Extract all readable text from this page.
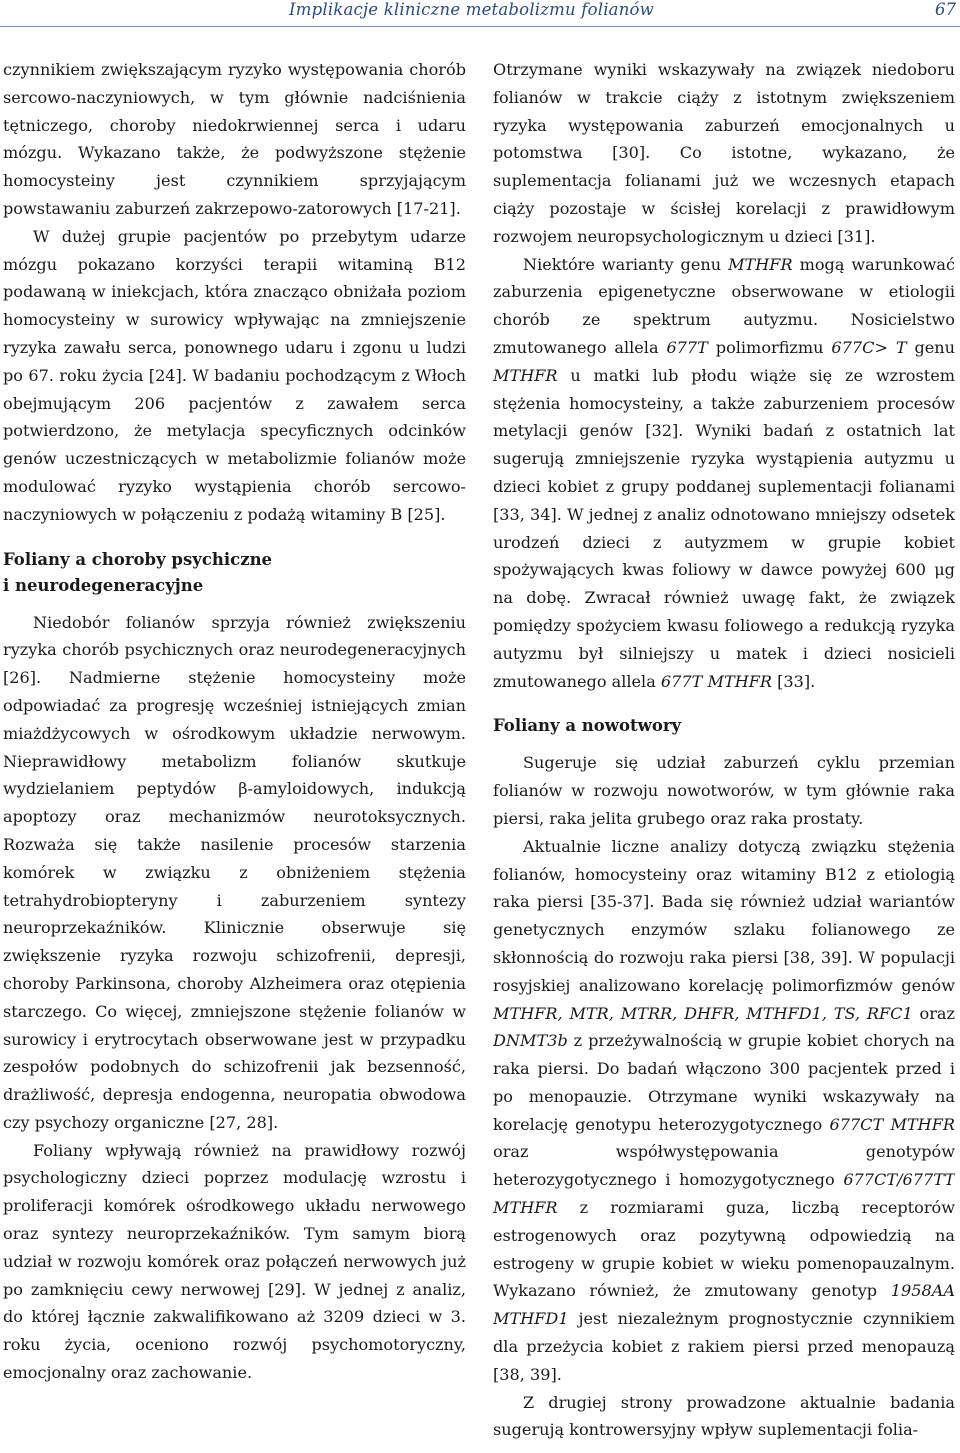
Implikacje kliniczne metabolizmu folianów	67

czynnikiem zwiększającym ryzyko występowania chorób sercowo-naczyniowych, w tym głównie nadciśnienia tętniczego, choroby niedokrwiennej serca i udaru mózgu. Wykazano także, że podwyższone stężenie homocysteiny jest czynnikiem sprzyjającym powstawaniu zaburzeń zakrzepowo-zatorowych [17-21].

W dużej grupie pacjentów po przebytym udarze mózgu pokazano korzyści terapii witaminą B12 podawaną w iniekcjach, która znacząco obniżała poziom homocysteiny w surowicy wpływając na zmniejszenie ryzyka zawału serca, ponownego udaru i zgonu u ludzi po 67. roku życia [24]. W badaniu pochodzącym z Włoch obejmującym 206 pacjentów z zawałem serca potwierdzono, że metylacja specyficznych odcinków genów uczestniczących w metabolizmie folianów może modulować ryzyko wystąpienia chorób sercowo-naczyniowych w połączeniu z podażą witaminy B [25].

Foliany a choroby psychiczne
i neurodegeneracyjne

Niedobór folianów sprzyja również zwiększeniu ryzyka chorób psychicznych oraz neurodegeneracyjnych [26]. Nadmierne stężenie homocysteiny może odpowiadać za progresję wcześniej istniejących zmian miażdżycowych w ośrodkowym układzie nerwowym. Nieprawidłowy metabolizm folianów skutkuje wydzielaniem peptydów β-amyloidowych, indukcją apoptozy oraz mechanizmów neurotoksycznych. Rozważa się także nasilenie procesów starzenia komórek w związku z obniżeniem stężenia tetrahydrobiopteryny i zaburzeniem syntezy neuroprzekaźników. Klinicznie obserwuje się zwiększenie ryzyka rozwoju schizofrenii, depresji, choroby Parkinsona, choroby Alzheimera oraz otępienia starczego. Co więcej, zmniejszone stężenie folianów w surowicy i erytrocytach obserwowane jest w przypadku zespołów podobnych do schizofrenii jak bezsenność, drażliwość, depresja endogenna, neuropatia obwodowa czy psychozy organiczne [27, 28].

Foliany wpływają również na prawidłowy rozwój psychologiczny dzieci poprzez modulację wzrostu i proliferacji komórek ośrodkowego układu nerwowego oraz syntezy neuroprzekaźników. Tym samym biorą udział w rozwoju komórek oraz połączeń nerwowych już po zamknięciu cewy nerwowej [29]. W jednej z analiz, do której łącznie zakwalifikowano aż 3209 dzieci w 3. roku życia, oceniono rozwój psychomotoryczny, emocjonalny oraz zachowanie.

Otrzymane wyniki wskazywały na związek niedoboru folianów w trakcie ciąży z istotnym zwiększeniem ryzyka występowania zaburzeń emocjonalnych u potomstwa [30]. Co istotne, wykazano, że suplementacja folianami już we wczesnych etapach ciąży pozostaje w ścisłej korelacji z prawidłowym rozwojem neuropsychologicznym u dzieci [31].

Niektóre warianty genu MTHFR mogą warunkować zaburzenia epigenetyczne obserwowane w etiologii chorób ze spektrum autyzmu. Nosicielstwo zmutowanego allela 677T polimorfizmu 677C> T genu MTHFR u matki lub płodu wiąże się ze wzrostem stężenia homocysteiny, a także zaburzeniem procesów metylacji genów [32]. Wyniki badań z ostatnich lat sugerują zmniejszenie ryzyka wystąpienia autyzmu u dzieci kobiet z grupy poddanej suplementacji folianami [33, 34]. W jednej z analiz odnotowano mniejszy odsetek urodzeń dzieci z autyzmem w grupie kobiet spożywających kwas foliowy w dawce powyżej 600 μg na dobę. Zwracał również uwagę fakt, że związek pomiędzy spożyciem kwasu foliowego a redukcją ryzyka autyzmu był silniejszy u matek i dzieci nosicieli zmutowanego allela 677T MTHFR [33].

Foliany a nowotwory

Sugeruje się udział zaburzeń cyklu przemian folianów w rozwoju nowotworów, w tym głównie raka piersi, raka jelita grubego oraz raka prostaty.

Aktualnie liczne analizy dotyczą związku stężenia folianów, homocysteiny oraz witaminy B12 z etiologią raka piersi [35-37]. Bada się również udział wariantów genetycznych enzymów szlaku folianowego ze skłonnością do rozwoju raka piersi [38, 39]. W populacji rosyjskiej analizowano korelację polimorfizmów genów MTHFR, MTR, MTRR, DHFR, MTHFD1, TS, RFC1 oraz DNMT3b z przeżywalnością w grupie kobiet chorych na raka piersi. Do badań włączono 300 pacjentek przed i po menopauzie. Otrzymane wyniki wskazywały na korelację genotypu heterozygotycznego 677CT MTHFR oraz współwystępowania genotypów heterozygotycznego i homozygotycznego 677CT/677TT MTHFR z rozmiarami guza, liczbą receptorów estrogenowych oraz pozytywną odpowiedzią na estrogeny w grupie kobiet w wieku pomenopauzalnym. Wykazano również, że zmutowany genotyp 1958AA MTHFD1 jest niezależnym prognostycznie czynnikiem dla przeżycia kobiet z rakiem piersi przed menopauzą [38, 39].

Z drugiej strony prowadzone aktualnie badania sugerują kontrowersyjny wpływ suplementacji folia-
